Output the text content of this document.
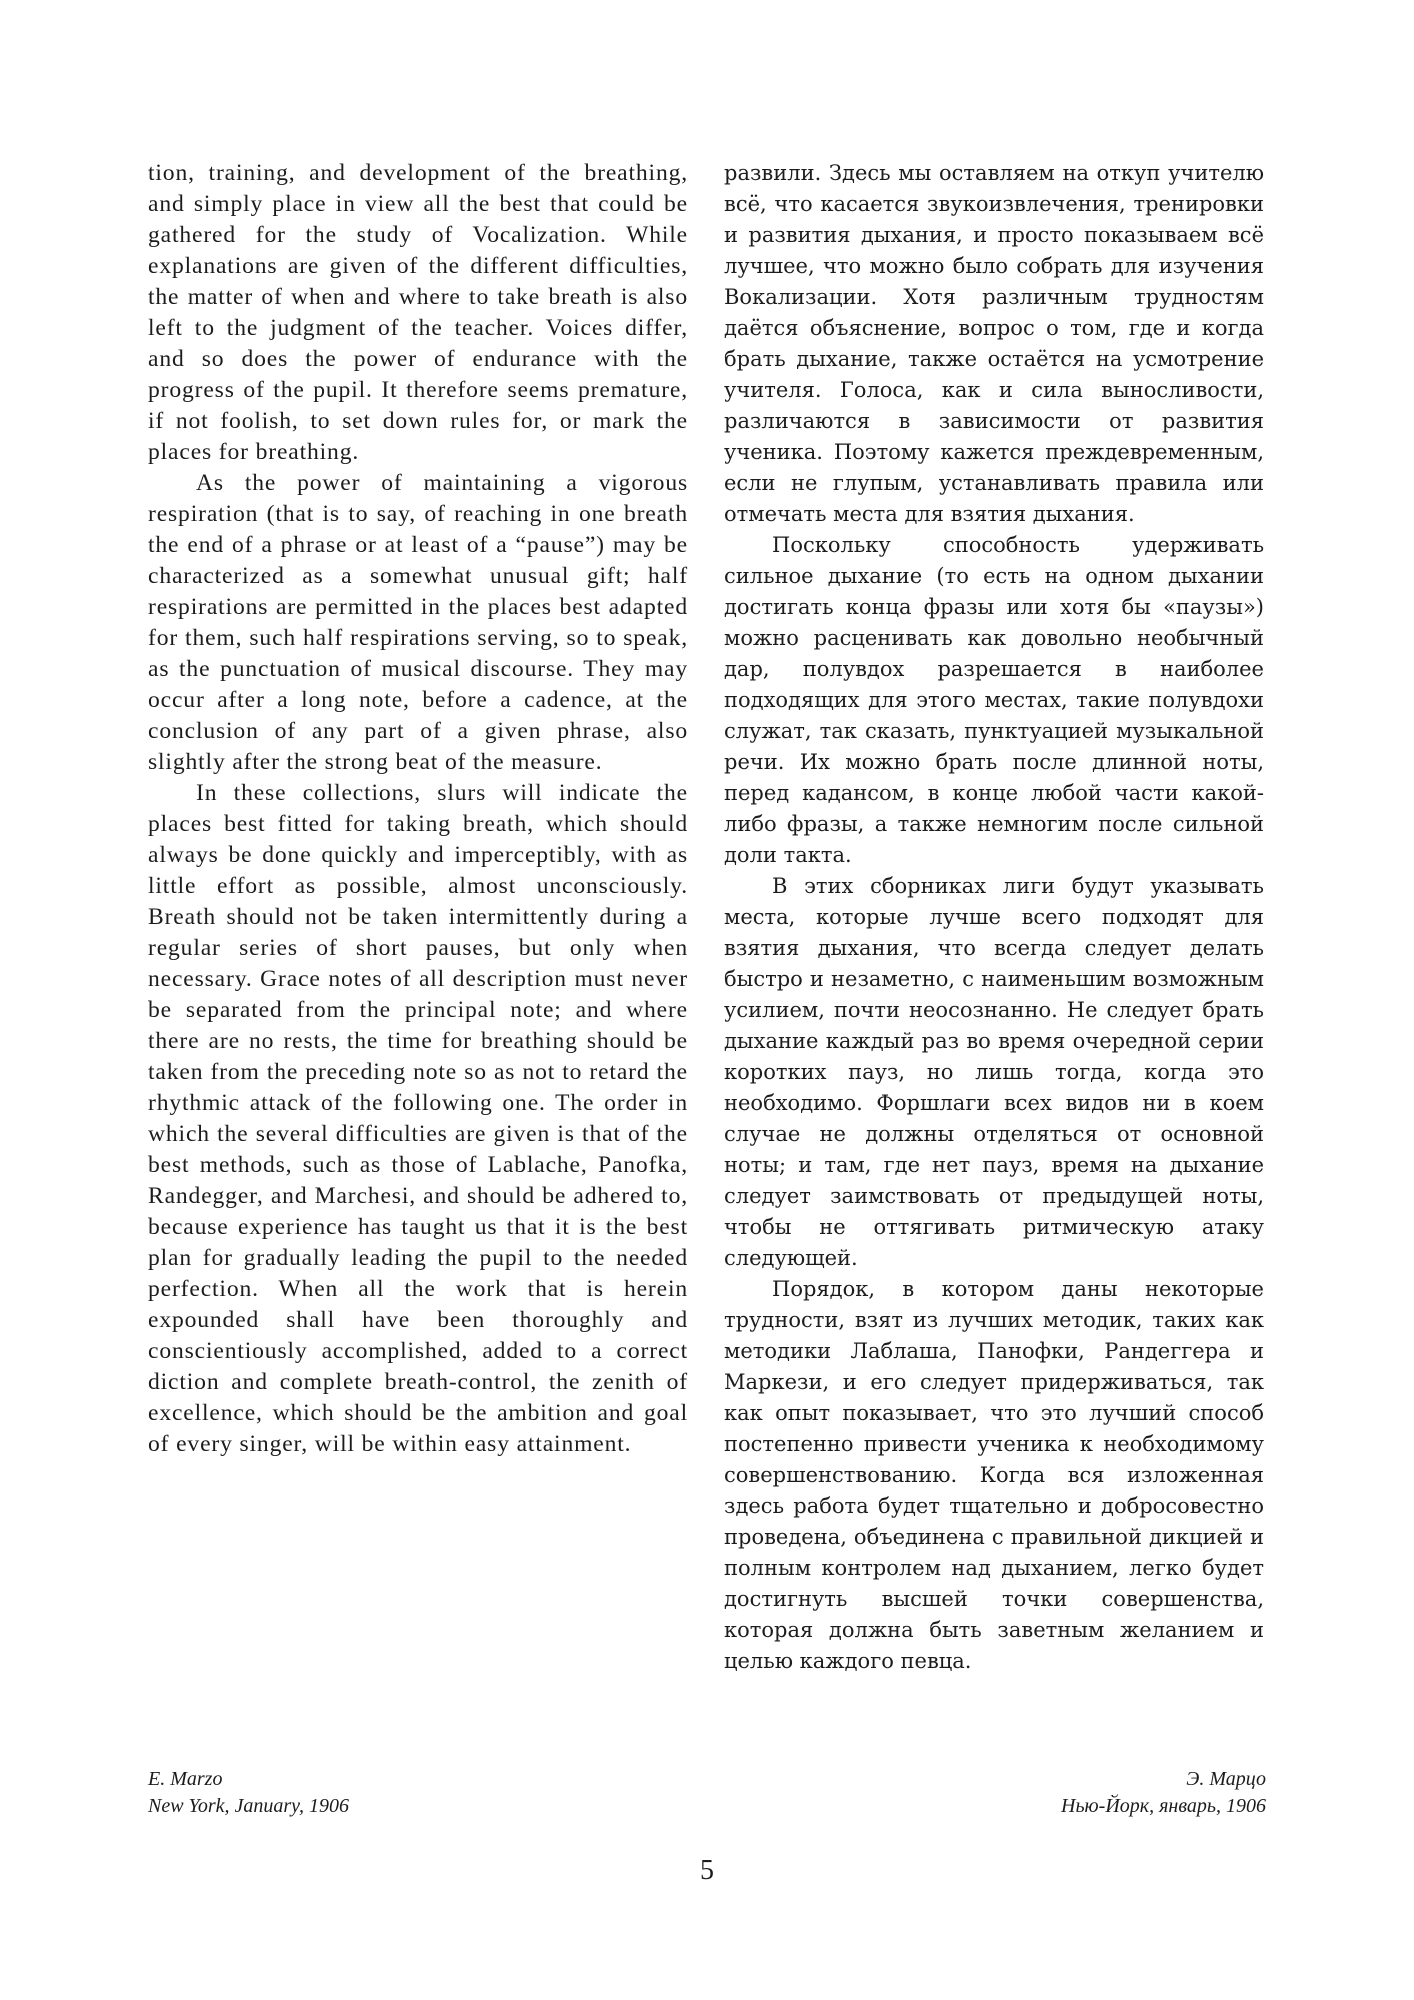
tion, training, and development of the breathing, and simply place in view all the best that could be gathered for the study of Vocalization. While explanations are given of the different difficulties, the matter of when and where to take breath is also left to the judgment of the teacher. Voices differ, and so does the power of endurance with the progress of the pupil. It therefore seems premature, if not foolish, to set down rules for, or mark the places for breathing.

As the power of maintaining a vigorous respiration (that is to say, of reaching in one breath the end of a phrase or at least of a “pause”) may be characterized as a somewhat unusual gift; half respirations are permitted in the places best adapted for them, such half respirations serving, so to speak, as the punctuation of musical discourse. They may occur after a long note, before a cadence, at the conclusion of any part of a given phrase, also slightly after the strong beat of the measure.

In these collections, slurs will indicate the places best fitted for taking breath, which should always be done quickly and imperceptibly, with as little effort as possible, almost unconsciously. Breath should not be taken intermittently during a regular series of short pauses, but only when necessary. Grace notes of all description must never be separated from the principal note; and where there are no rests, the time for breathing should be taken from the preceding note so as not to retard the rhythmic attack of the following one. The order in which the several difficulties are given is that of the best methods, such as those of Lablache, Panofka, Randegger, and Marchesi, and should be adhered to, because experience has taught us that it is the best plan for gradually leading the pupil to the needed perfection. When all the work that is herein expounded shall have been thoroughly and conscientiously accomplished, added to a correct diction and complete breath-control, the zenith of excellence, which should be the ambition and goal of every singer, will be within easy attainment.

развили. Здесь мы оставляем на откуп учителю всё, что касается звукоизвлечения, тренировки и развития дыхания, и просто показываем всё лучшее, что можно было собрать для изучения Вокализации. Хотя различным трудностям даётся объяснение, вопрос о том, где и когда брать дыхание, также остаётся на усмотрение учителя. Голоса, как и сила выносливости, различаются в зависимости от развития ученика. Поэтому кажется преждевременным, если не глупым, устанавливать правила или отмечать места для взятия дыхания.

Поскольку способность удерживать сильное дыхание (то есть на одном дыхании достигать конца фразы или хотя бы «паузы») можно расценивать как довольно необычный дар, полувдох разрешается в наиболее подходящих для этого местах, такие полувдохи служат, так сказать, пунктуацией музыкальной речи. Их можно брать после длинной ноты, перед кадансом, в конце любой части какой-либо фразы, а также немногим после сильной доли такта.

В этих сборниках лиги будут указывать места, которые лучше всего подходят для взятия дыхания, что всегда следует делать быстро и незаметно, с наименьшим возможным усилием, почти неосознанно. Не следует брать дыхание каждый раз во время очередной серии коротких пауз, но лишь тогда, когда это необходимо. Форшлаги всех видов ни в коем случае не должны отделяться от основной ноты; и там, где нет пауз, время на дыхание следует заимствовать от предыдущей ноты, чтобы не оттягивать ритмическую атаку следующей.

Порядок, в котором даны некоторые трудности, взят из лучших методик, таких как методики Лаблаша, Панофки, Рандеггера и Маркези, и его следует придерживаться, так как опыт показывает, что это лучший способ постепенно привести ученика к необходимому совершенствованию. Когда вся изложенная здесь работа будет тщательно и добросовестно проведена, объединена с правильной дикцией и полным контролем над дыханием, легко будет достигнуть высшей точки совершенства, которая должна быть заветным желанием и целью каждого певца.

E. Marzo
New York, January, 1906
Э. Марцо
Нью-Йорк, январь, 1906
5
